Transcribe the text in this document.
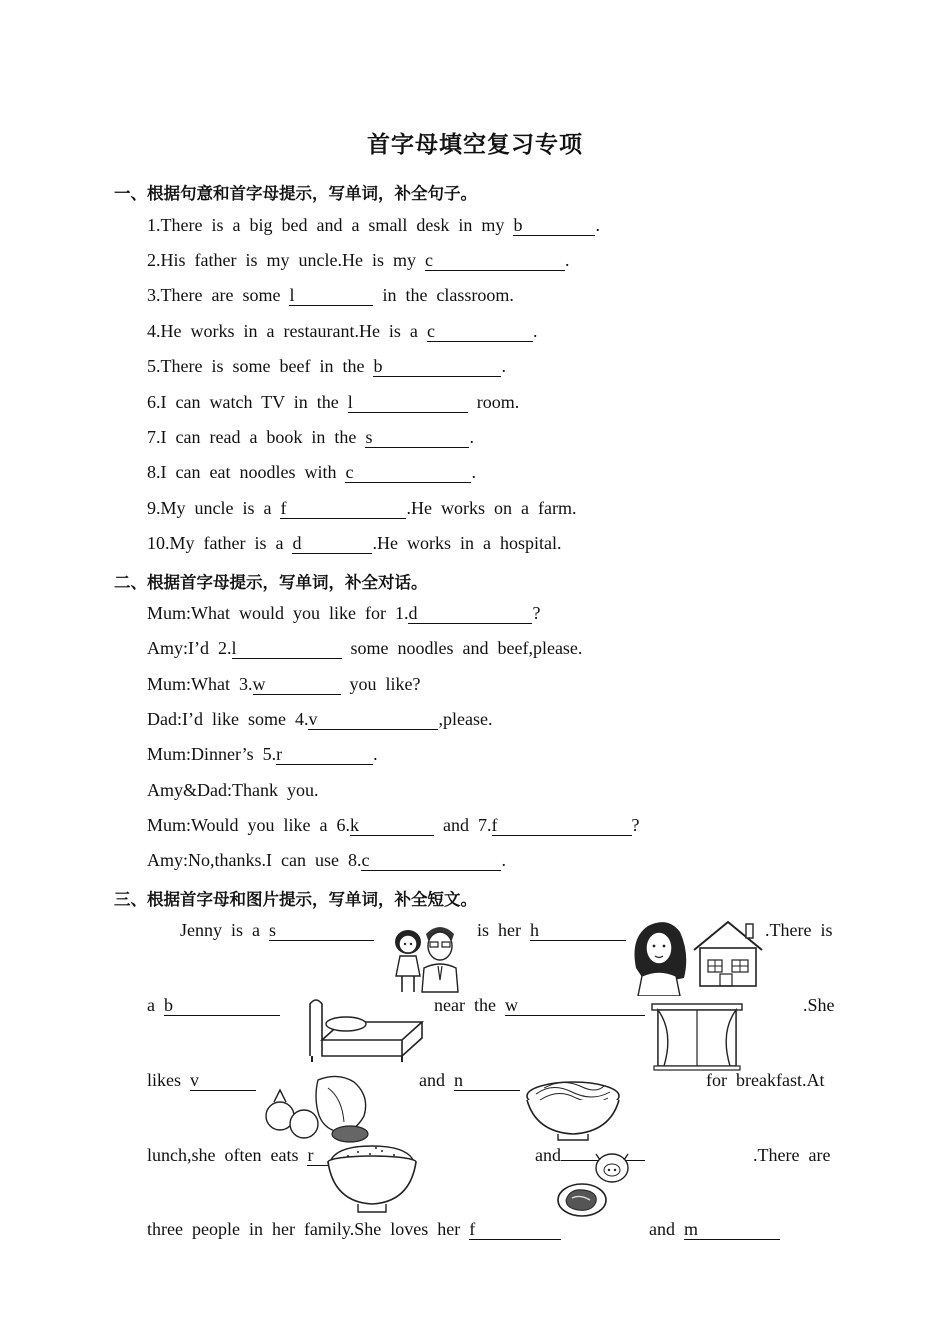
首字母填空复习专项
一、根据句意和首字母提示，写单词，补全句子。
1.There  is  a  big  bed  and  a  small  desk  in  my  b	.
2.His  father  is  my  uncle.He  is  my  c	.
3.There  are  some  l	in  the  classroom.
4.He  works  in  a  restaurant.He  is  a  c	.
5.There  is  some  beef  in  the  b	.
6.I  can  watch  TV  in  the  l	room.
7.I  can  read  a  book  in  the  s	.
8.I  can  eat  noodles  with  c	.
9.My  uncle  is  a  f	.He  works  on  a  farm.
10.My  father  is  a  d	.He  works  in  a  hospital.
二、根据首字母提示，写单词，补全对话。
Mum:What  would  you  like  for  1.d	?
Amy:I’d  2.l	some  noodles  and  beef,please.
Mum:What  3.w	you  like?
Dad:I’d  like  some  4.v	,please.
Mum:Dinner’s  5.r	.
Amy&Dad:Thank  you.
Mum:Would  you  like  a  6.k	and  7.f	?
Amy:No,thanks.I  can  use  8.c	.
三、根据首字母和图片提示，写单词，补全短文。
Jenny  is  a  s	is  her  h	.There  is
a  b	near  the  w	.She
likes  v	and  n	for  breakfast.At
lunch,she  often  eats  r	and	.There  are
three  people  in  her  family.She  loves  her  f	and  m
